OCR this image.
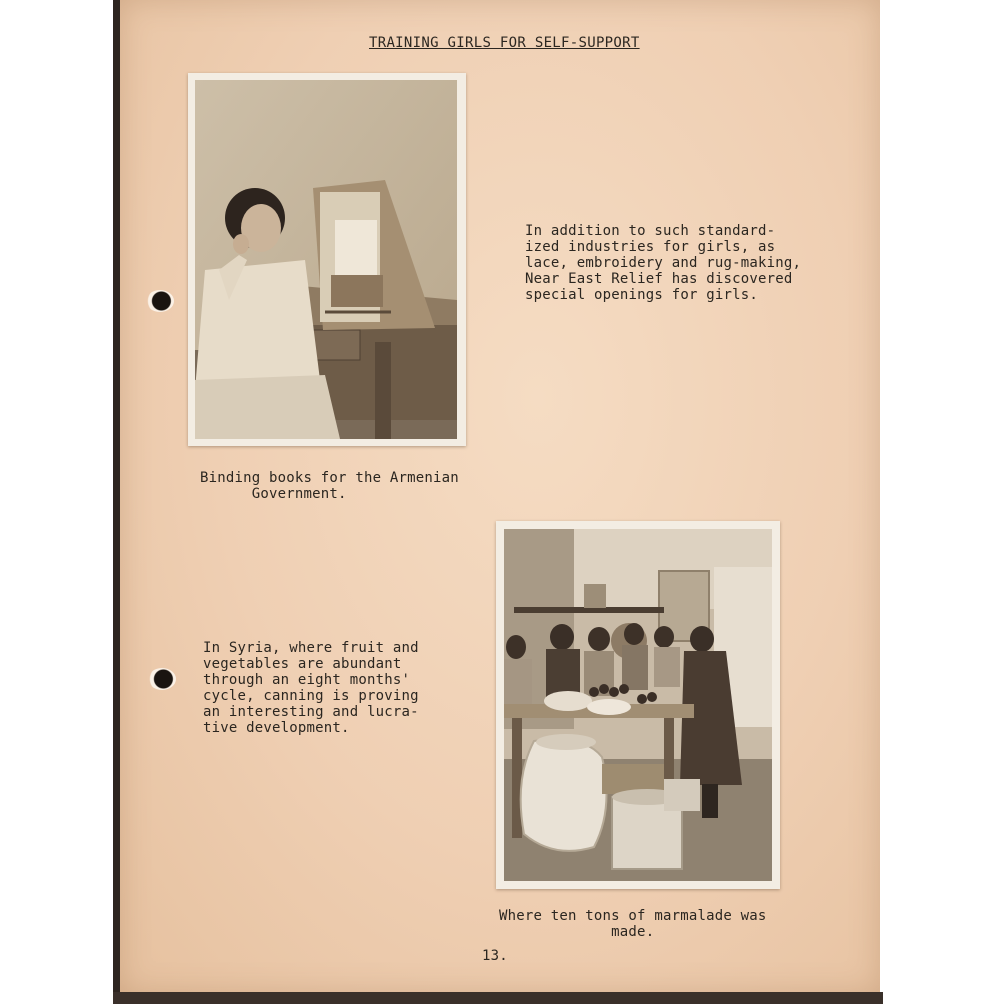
TRAINING GIRLS FOR SELF-SUPPORT
In addition to such standard-
ized industries for girls, as
lace, embroidery and rug-making,
Near East Relief has discovered
special openings for girls.
Binding books for the Armenian
Government.
In Syria, where fruit and
vegetables are abundant
through an eight months'
cycle, canning is proving
an interesting and lucra-
tive development.
Where ten tons of marmalade was
made.
13.
